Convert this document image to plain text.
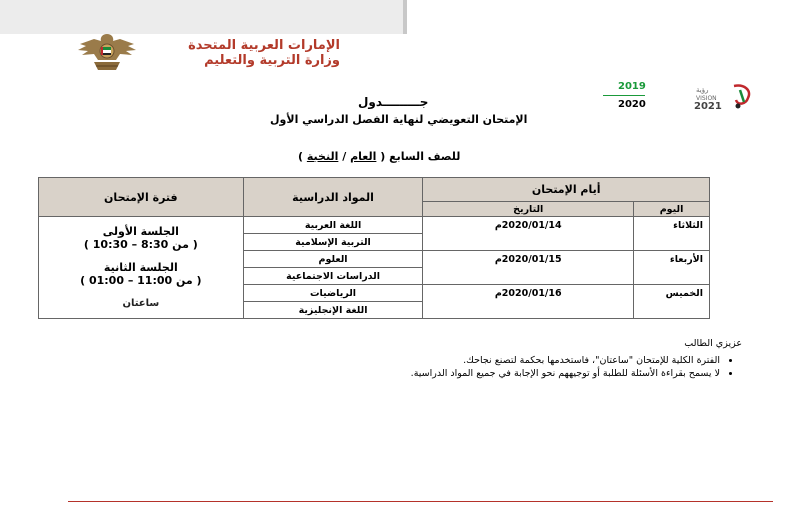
الإمارات العربية المتحدة
وزارة التربية والتعليم
رؤية
VISION
2021
2019
2020
جـــــــــدول
الإمتحان التعويضي لنهاية الفصل الدراسي الأول
للصف السابع ( العام / النخبة )
أيام الإمتحان		المواد الدراسية	فترة الإمتحان
اليوم	التاريخ		
الثلاثاء	2020/01/14م	اللغة العربية	الجلسة الأولى
( من 8:30 – 10:30 )
الجلسة الثانية
( من 11:00 – 01:00 )
ساعتان

		التربية الإسلامية	
الأربعاء	2020/01/15م	العلوم	
		الدراسات الاجتماعية	
الخميس	2020/01/16م	الرياضيات	
		اللغة الإنجليزية	
عزيزي الطالب
• الفترة الكلية للإمتحان "ساعتان"، فاستخدمها بحكمة لتصنع نجاحك.
• لا يسمح بقراءة الأسئلة للطلبة أو توجيههم نحو الإجابة في جميع المواد الدراسية.
